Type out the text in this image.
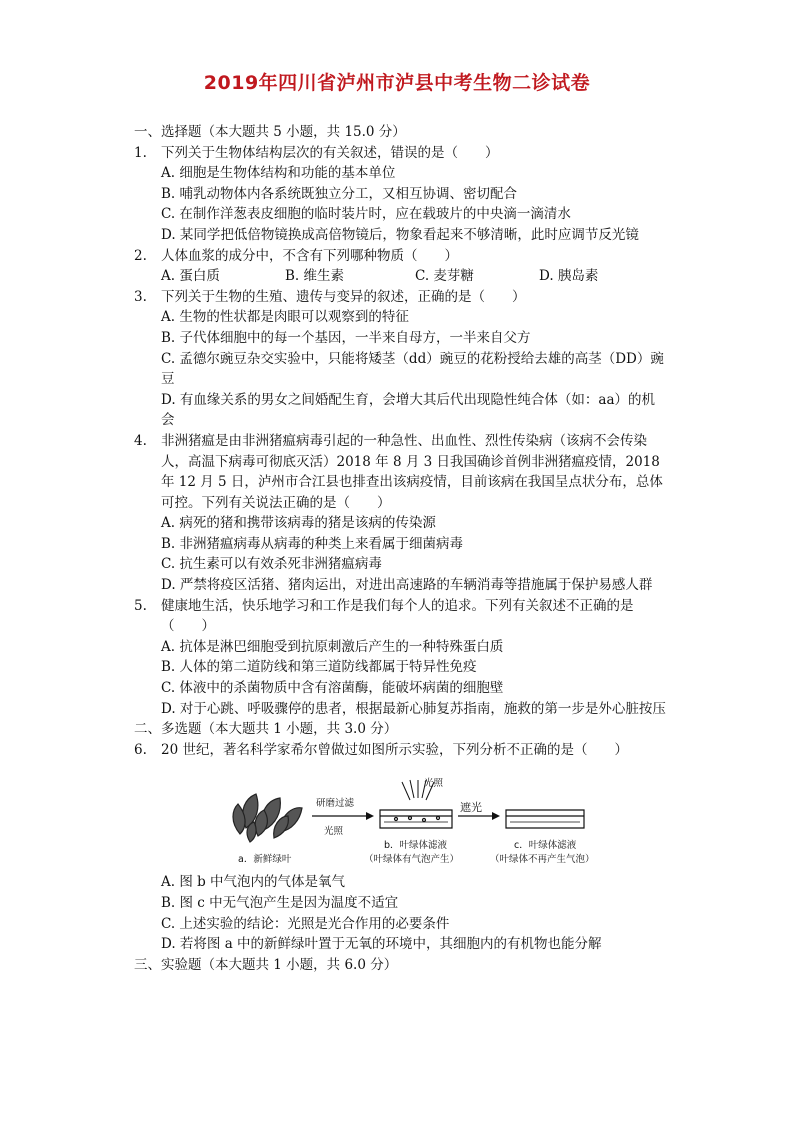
2019年四川省泸州市泸县中考生物二诊试卷
一、选择题（本大题共 5 小题，共 15.0 分）
1.	下列关于生物体结构层次的有关叙述，错误的是（　　）
A. 细胞是生物体结构和功能的基本单位
B. 哺乳动物体内各系统既独立分工，又相互协调、密切配合
C. 在制作洋葱表皮细胞的临时装片时，应在载玻片的中央滴一滴清水
D. 某同学把低倍物镜换成高倍物镜后，物象看起来不够清晰，此时应调节反光镜
2.	人体血浆的成分中，不含有下列哪种物质（　　）
A. 蛋白质	B. 维生素	C. 麦芽糖	D. 胰岛素
3.	下列关于生物的生殖、遗传与变异的叙述，正确的是（　　）
A. 生物的性状都是肉眼可以观察到的特征
B. 子代体细胞中的每一个基因，一半来自母方，一半来自父方
C. 孟德尔豌豆杂交实验中，只能将矮茎（dd）豌豆的花粉授给去雄的高茎（DD）豌豆
D. 有血缘关系的男女之间婚配生育，会增大其后代出现隐性纯合体（如：aa）的机会
4.	非洲猪瘟是由非洲猪瘟病毒引起的一种急性、出血性、烈性传染病（该病不会传染人，高温下病毒可彻底灭活）2018 年 8 月 3 日我国确诊首例非洲猪瘟疫情，2018 年 12 月 5 日，泸州市合江县也排查出该病疫情，目前该病在我国呈点状分布，总体可控。下列有关说法正确的是（　　）
A. 病死的猪和携带该病毒的猪是该病的传染源
B. 非洲猪瘟病毒从病毒的种类上来看属于细菌病毒
C. 抗生素可以有效杀死非洲猪瘟病毒
D. 严禁将疫区活猪、猪肉运出，对进出高速路的车辆消毒等措施属于保护易感人群
5.	健康地生活，快乐地学习和工作是我们每个人的追求。下列有关叙述不正确的是（　　）
A. 抗体是淋巴细胞受到抗原刺激后产生的一种特殊蛋白质
B. 人体的第二道防线和第三道防线都属于特异性免疫
C. 体液中的杀菌物质中含有溶菌酶，能破坏病菌的细胞壁
D. 对于心跳、呼吸骤停的患者，根据最新心肺复苏指南，施救的第一步是外心脏按压
二、多选题（本大题共 1 小题，共 3.0 分）
6.	20 世纪，著名科学家希尔曾做过如图所示实验，下列分析不正确的是（　　）
研磨过滤
光照
光照
遮光
a．新鲜绿叶
b．叶绿体滤液
（叶绿体有气泡产生）
c．叶绿体滤液
（叶绿体不再产生气泡）
A. 图 b 中气泡内的气体是氧气
B. 图 c 中无气泡产生是因为温度不适宜
C. 上述实验的结论：光照是光合作用的必要条件
D. 若将图 a 中的新鲜绿叶置于无氧的环境中，其细胞内的有机物也能分解
三、实验题（本大题共 1 小题，共 6.0 分）
